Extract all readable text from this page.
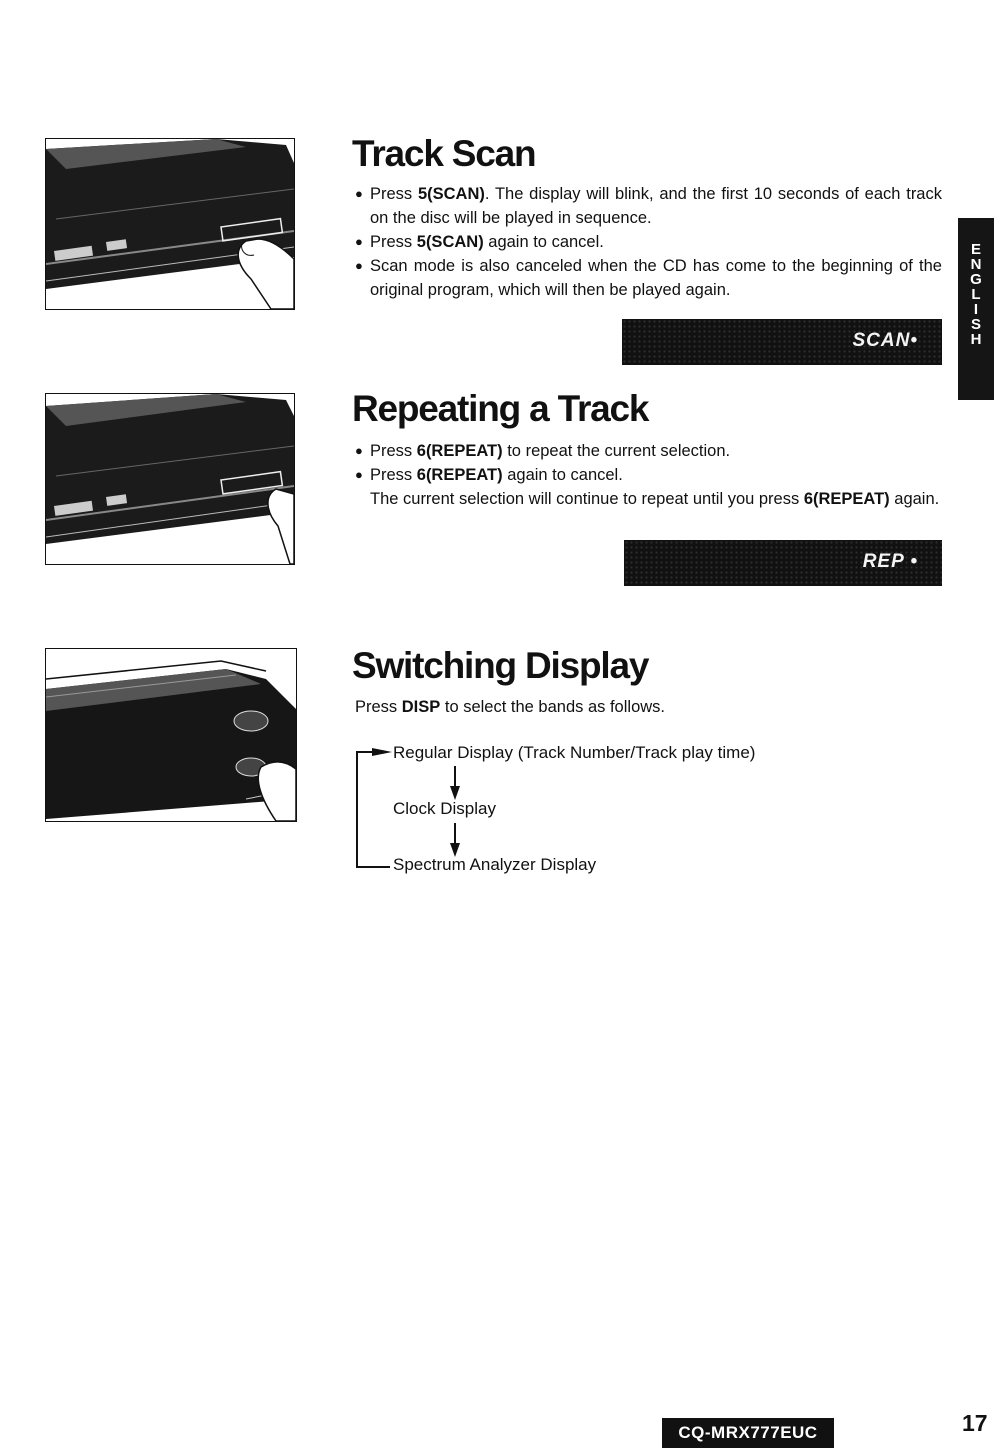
E
N
G
L
I
S
H
Track Scan
● Press 5(SCAN). The display will blink, and the first 10 seconds of each track on the disc will be played in sequence.
● Press 5(SCAN) again to cancel.
● Scan mode is also canceled when the CD has come to the beginning of the original program, which will then be played again.
SCAN•
Repeating a Track
● Press 6(REPEAT) to repeat the current selection.
● Press 6(REPEAT) again to cancel.
The current selection will continue to repeat until you press 6(REPEAT) again.
REP •
Switching Display
Press DISP to select the bands as follows.
Regular Display (Track Number/Track play time)
Clock Display
Spectrum Analyzer Display
CQ-MRX777EUC	17
